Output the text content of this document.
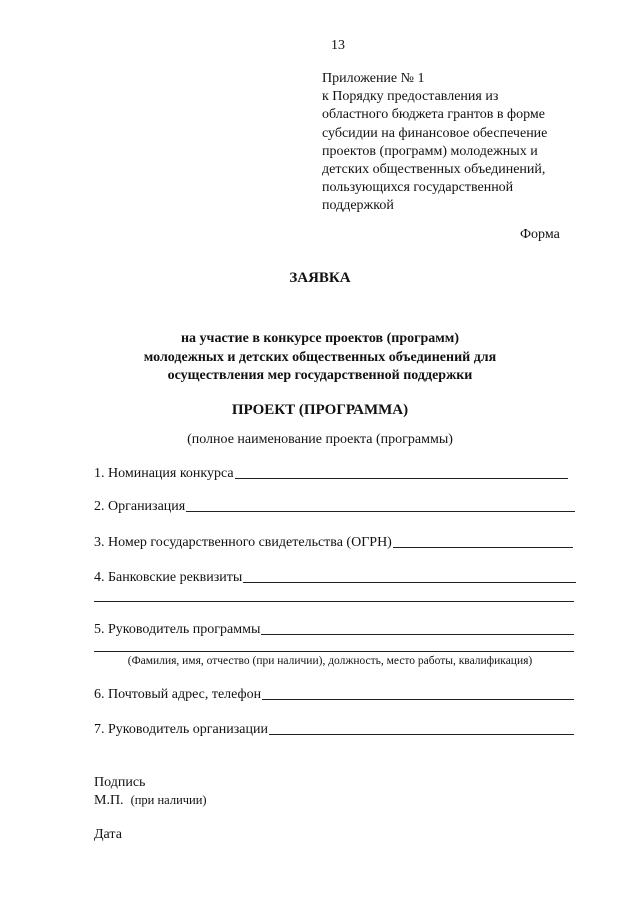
13
Приложение № 1
к Порядку предоставления из
областного бюджета грантов в форме
субсидии на финансовое обеспечение
проектов (программ) молодежных и
детских общественных объединений,
пользующихся государственной
поддержкой
Форма
ЗАЯВКА
на участие в конкурсе проектов (программ)
молодежных и детских общественных объединений для
осуществления мер государственной поддержки
ПРОЕКТ (ПРОГРАММА)
(полное наименование проекта (программы)
1. Номинация конкурса
2. Организация
3. Номер государственного свидетельства (ОГРН)
4. Банковские реквизиты
5. Руководитель программы
(Фамилия, имя, отчество (при наличии), должность, место работы, квалификация)
6. Почтовый адрес, телефон
7. Руководитель организации
Подпись
М.П. (при наличии)
Дата
